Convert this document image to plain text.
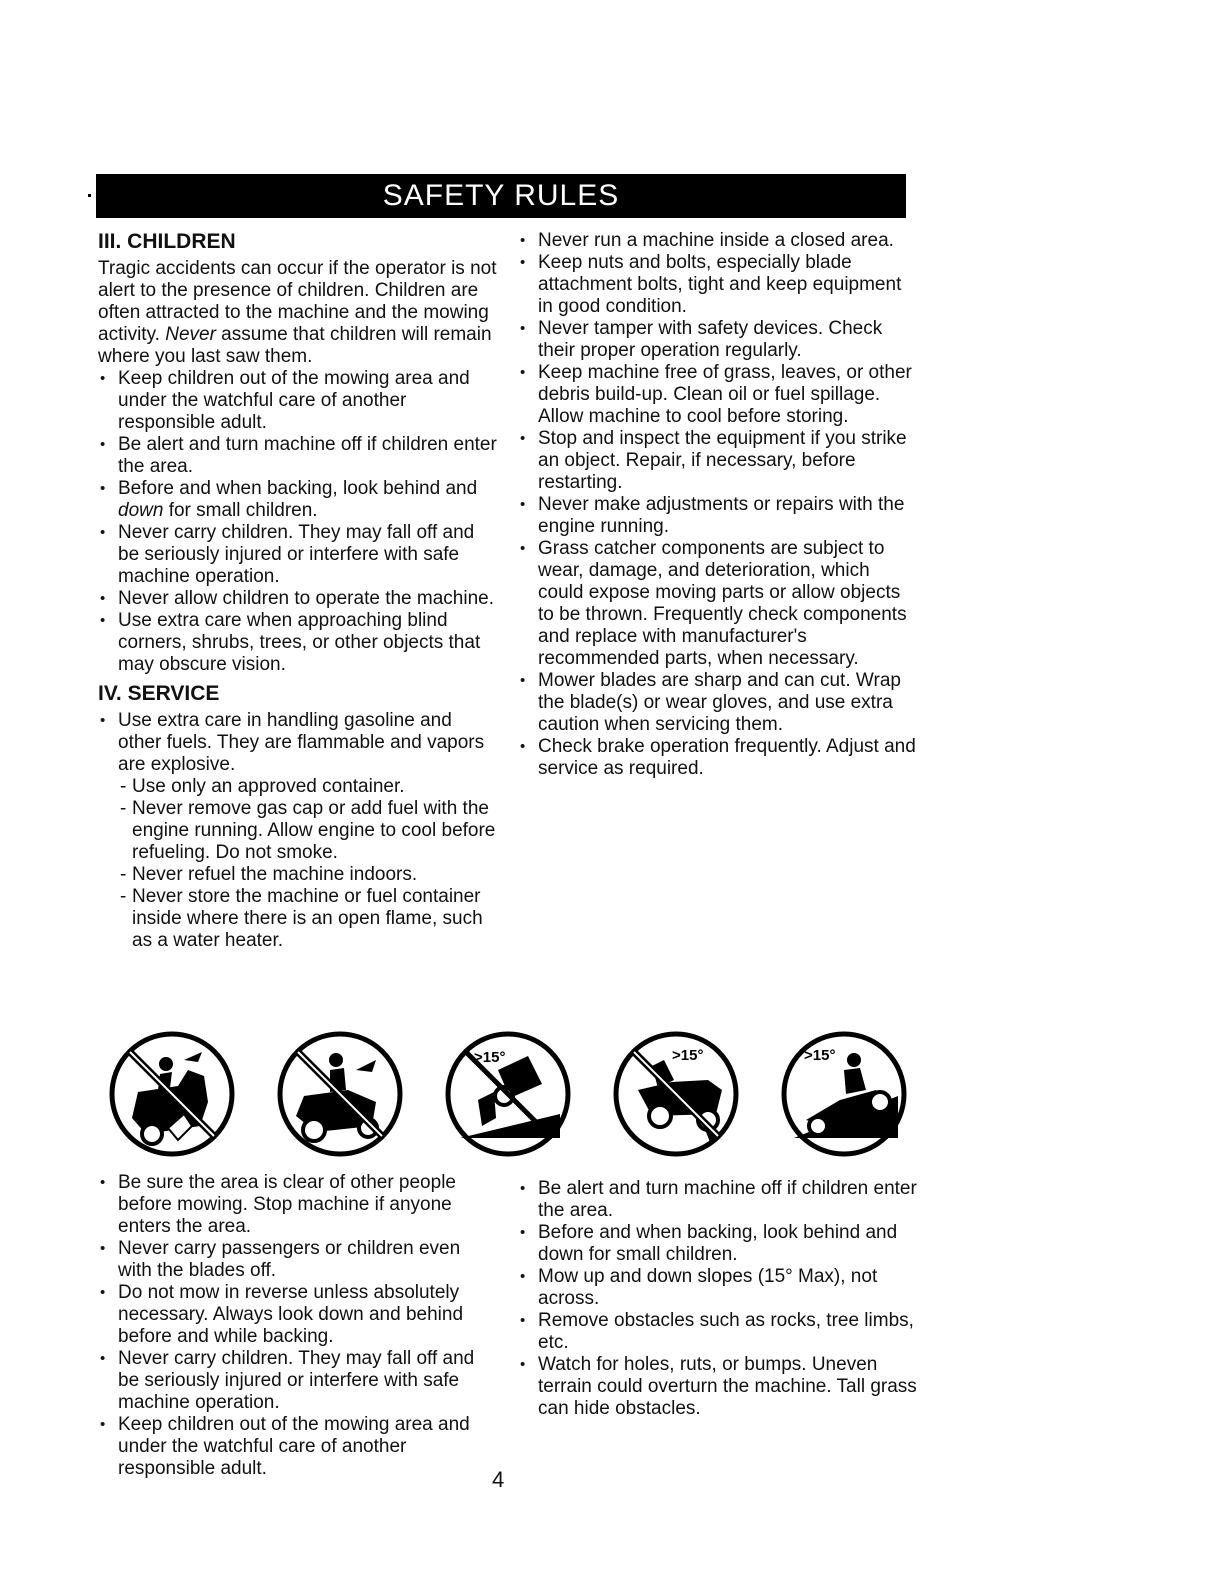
SAFETY RULES
III. CHILDREN

Tragic accidents can occur if the operator is not alert to the presence of children. Children are often attracted to the machine and the mowing activity. Never assume that children will remain where you last saw them.

• Keep children out of the mowing area and under the watchful care of another responsible adult.
• Be alert and turn machine off if children enter the area.
• Before and when backing, look behind and down for small children.
• Never carry children. They may fall off and be seriously injured or interfere with safe machine operation.
• Never allow children to operate the machine.
• Use extra care when approaching blind corners, shrubs, trees, or other objects that may obscure vision.
IV. SERVICE
• Use extra care in handling gasoline and other fuels. They are flammable and vapors are explosive.
- Use only an approved container.
- Never remove gas cap or add fuel with the engine running. Allow engine to cool before refueling. Do not smoke.
- Never refuel the machine indoors.
- Never store the machine or fuel container inside where there is an open flame, such as a water heater.
• Never run a machine inside a closed area.
• Keep nuts and bolts, especially blade attachment bolts, tight and keep equipment in good condition.
• Never tamper with safety devices. Check their proper operation regularly.
• Keep machine free of grass, leaves, or other debris build-up. Clean oil or fuel spillage. Allow machine to cool before storing.
• Stop and inspect the equipment if you strike an object. Repair, if necessary, before restarting.
• Never make adjustments or repairs with the engine running.
• Grass catcher components are subject to wear, damage, and deterioration, which could expose moving parts or allow objects to be thrown. Frequently check components and replace with manufacturer's recommended parts, when necessary.
• Mower blades are sharp and can cut. Wrap the blade(s) or wear gloves, and use extra caution when servicing them.
• Check brake operation frequently. Adjust and service as required.
>15°	>15°	>15°
• Be sure the area is clear of other people before mowing. Stop machine if anyone enters the area.
• Never carry passengers or children even with the blades off.
• Do not mow in reverse unless absolutely necessary. Always look down and behind before and while backing.
• Never carry children. They may fall off and be seriously injured or interfere with safe machine operation.
• Keep children out of the mowing area and under the watchful care of another responsible adult.
• Be alert and turn machine off if children enter the area.
• Before and when backing, look behind and down for small children.
• Mow up and down slopes (15° Max), not across.
• Remove obstacles such as rocks, tree limbs, etc.
• Watch for holes, ruts, or bumps. Uneven terrain could overturn the machine. Tall grass can hide obstacles.
4
